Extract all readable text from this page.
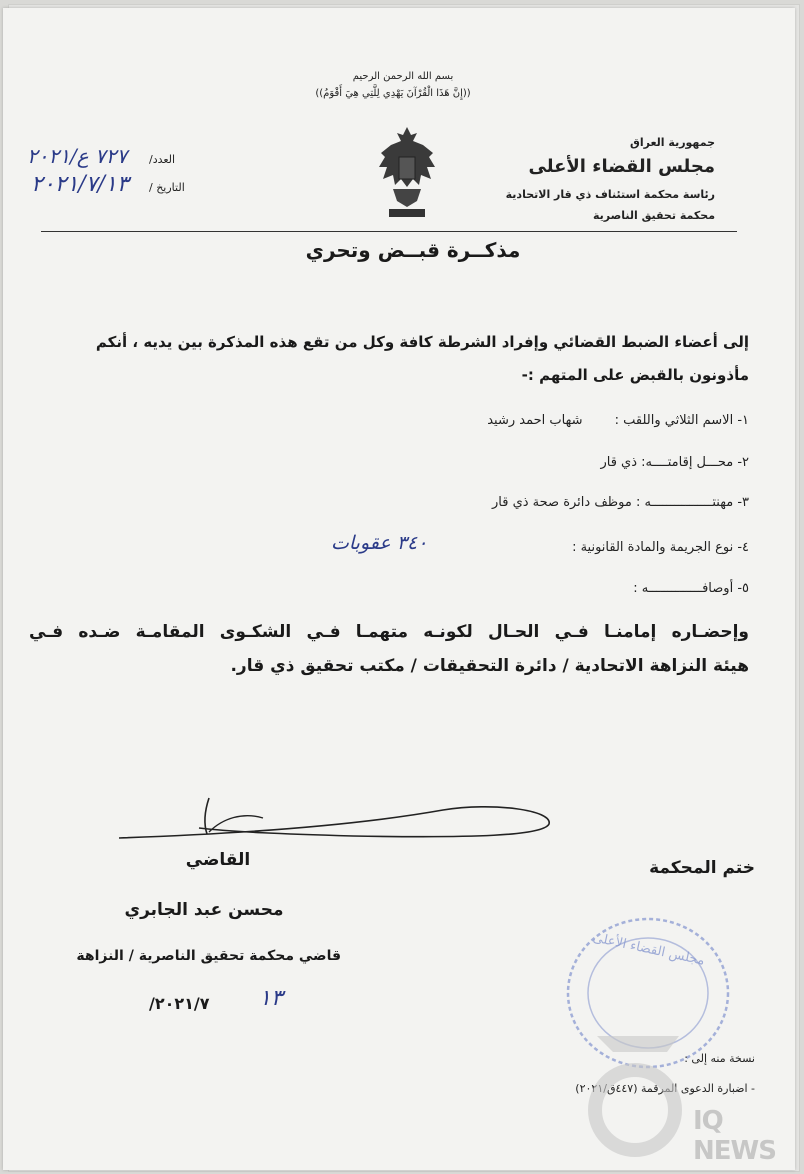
بسم الله الرحمن الرحيم
((إِنَّ هَذَا الْقُرْآنَ يَهْدِي لِلَّتِي هِيَ أَقْوَمُ))
جمهورية العراق
مجلس القضاء الأعلى
رئاسة محكمة استئناف ذي قار الاتحادية
محكمة تحقيق الناصرية
العدد/
٧٢٧ ع/٢٠٢١
التاريخ /
٢٠٢١/٧/١٣
مذكــرة قبــض وتحري
إلى أعضاء الضبط القضائي وإفراد الشرطة كافة وكل من تقع هذه المذكرة بين يديه ، أنكم
مأذونون بالقبض على المتهم :-
١- الاسم الثلاثي واللقب : شهاب احمد رشيد
٢- محـــل إقامتــــه: ذي قار
٣- مهنتــــــــــــــــه : موظف دائرة صحة ذي قار
٤- نوع الجريمة والمادة القانونية :
٣٤٠ عقوبات
٥- أوصافــــــــــــــه :
وإحضـاره إمامنـا فـي الحـال لكونـه متهمـا فـي الشكـوى المقامـة ضـده فـي
هيئة النزاهة الاتحادية / دائرة التحقيقات / مكتب تحقيق ذي قار.
القاضي	ختم المحكمة
محسن عبد الجابري
قاضي محكمة تحقيق الناصرية / النزاهة
٢٠٢١/٧/ ١٣
مجلس القضاء الأعلى
نسخة منه إلى :
- اضبارة الدعوى المرقمة (٤٤٧ق/٢٠٢١)
IQ NEWS
